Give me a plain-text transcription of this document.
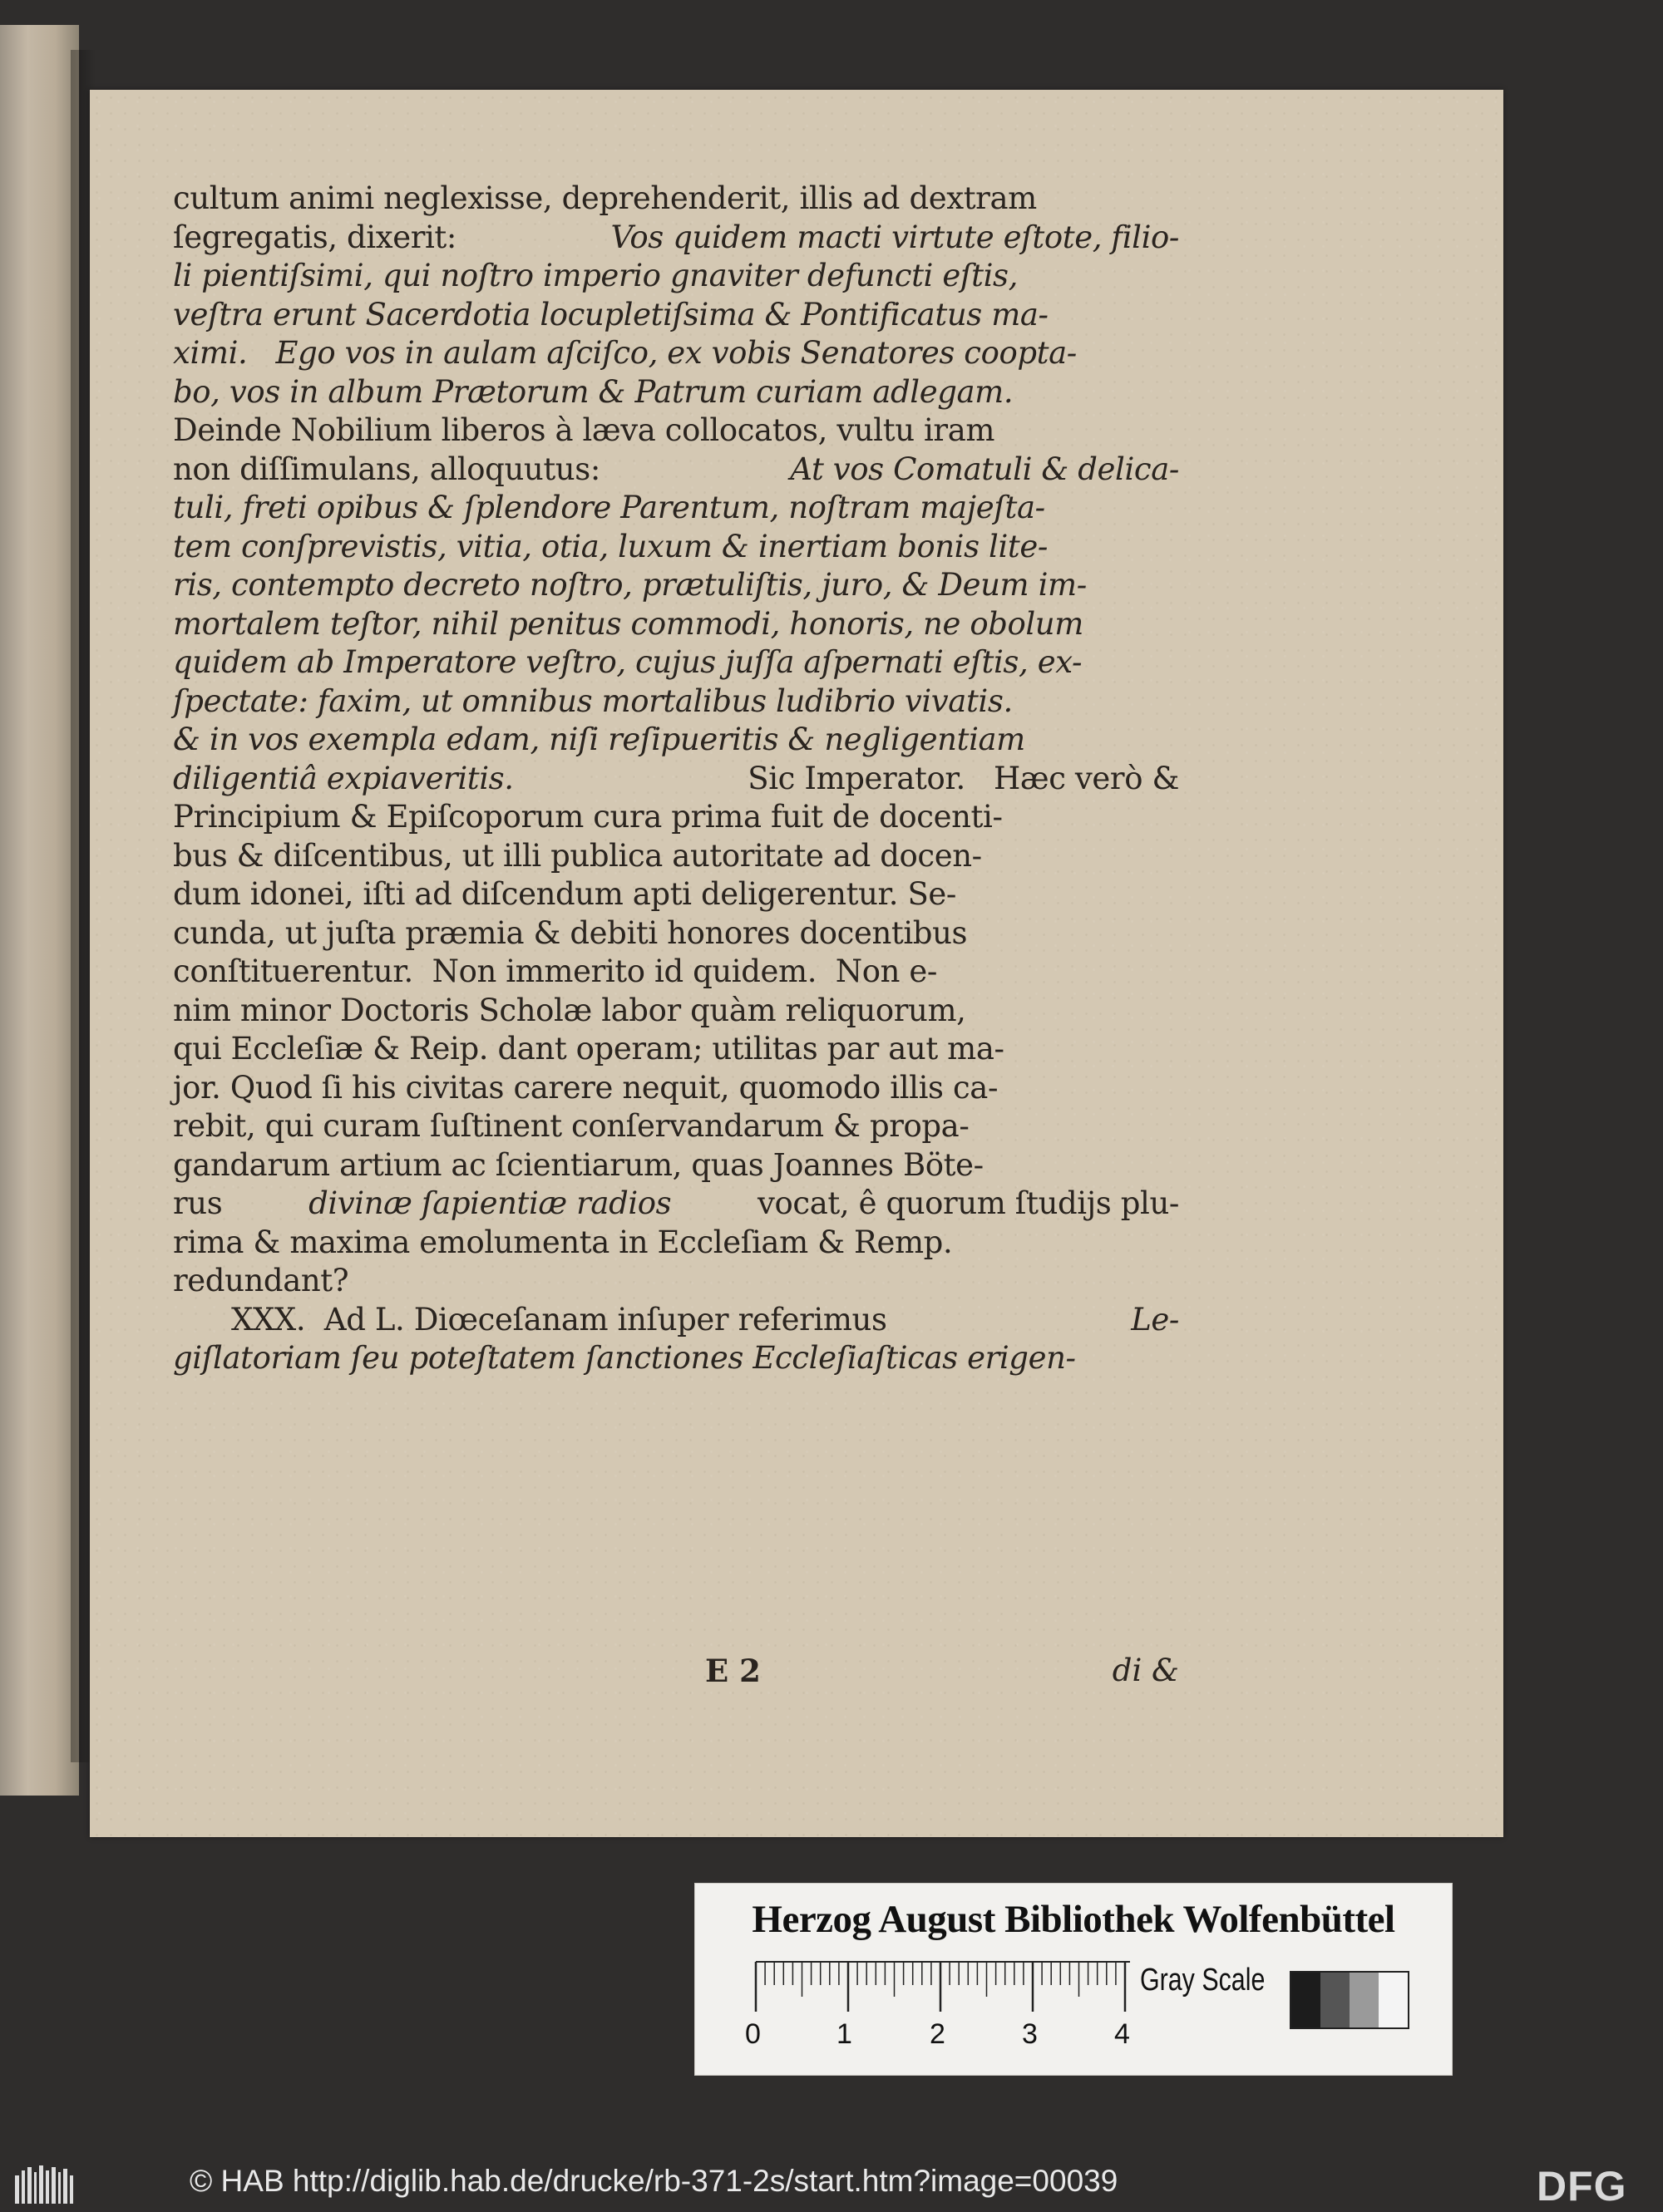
cultum animi neglexisse, deprehenderit, illis ad dextram
ſegregatis, dixerit:	Vos quidem macti virtute eſtote, filio-
li pientiſsimi, qui noſtro imperio gnaviter defuncti eſtis,
veſtra erunt Sacerdotia locupletiſsima & Pontificatus ma-
ximi.   Ego vos in aulam aſciſco, ex vobis Senatores coopta-
bo, vos in album Prætorum & Patrum curiam adlegam.
Deinde Nobilium liberos à læva collocatos, vultu iram
non diſſimulans, alloquutus:	At vos Comatuli & delica-
tuli, freti opibus & ſplendore Parentum, noſtram majeſta-
tem conſprevistis, vitia, otia, luxum & inertiam bonis lite-
ris, contempto decreto noſtro, prætuliſtis, juro, & Deum im-
mortalem teſtor, nihil penitus commodi, honoris, ne obolum
quidem ab Imperatore veſtro, cujus juſſa aſpernati eſtis, ex-
ſpectate: faxim, ut omnibus mortalibus ludibrio vivatis.
& in vos exempla edam, niſi reſipueritis & negligentiam
diligentiâ expiaveritis.	Sic Imperator.   Hæc verò &
Principium & Epiſcoporum cura prima fuit de docenti-
bus & diſcentibus, ut illi publica autoritate ad docen-
dum idonei, iſti ad diſcendum apti deligerentur. Se-
cunda, ut juſta præmia & debiti honores docentibus
conſtituerentur.  Non immerito id quidem.  Non e-
nim minor Doctoris Scholæ labor quàm reliquorum,
qui Eccleſiæ & Reip. dant operam; utilitas par aut ma-
jor. Quod ſi his civitas carere nequit, quomodo illis ca-
rebit, qui curam ſuſtinent conſervandarum & propa-
gandarum artium ac ſcientiarum, quas Joannes Böte-
rus divinæ ſapientiæ radios vocat, ê quorum ſtudijs plu-
rima & maxima emolumenta in Eccleſiam & Remp.
redundant?
XXX.  Ad L. Diœceſanam inſuper referimus	Le-
giſlatoriam ſeu poteſtatem ſanctiones Eccleſiaſticas erigen-
E 2	di &
Herzog August Bibliothek Wolfenbüttel
0	1	2	3	4
Gray Scale
© HAB http://diglib.hab.de/drucke/rb-371-2s/start.htm?image=00039	DFG
